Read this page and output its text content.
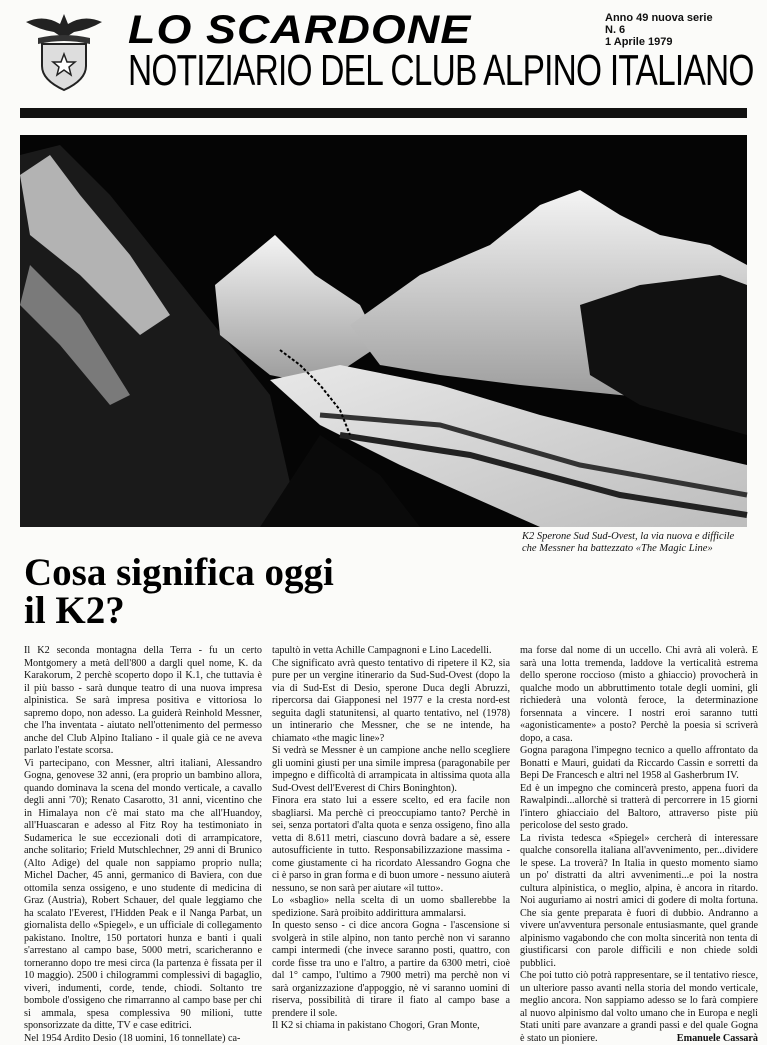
LO SCARDONE
NOTIZIARIO DEL CLUB ALPINO ITALIANO
Anno 49 nuova serie
N. 6
1 Aprile 1979
K2 Sperone Sud Sud-Ovest, la via nuova e difficile
che Messner ha battezzato «The Magic Line»
Cosa significa oggi
il K2?

Il K2 seconda montagna della Terra - fu un certo Montgomery a metà dell'800 a dargli quel nome, K. da Karakorum, 2 perchè scoperto dopo il K.1, che tuttavia è il più basso - sarà dunque teatro di una nuova impresa alpinistica. Se sarà impresa positiva e vittoriosa lo sapremo dopo, non adesso. La guiderà Reinhold Messner, che l'ha inventata - aiutato nell'ottenimento del permesso anche del Club Alpino Italiano - il quale già ce ne aveva parlato l'estate scorsa.

Vi partecipano, con Messner, altri italiani, Alessandro Gogna, genovese 32 anni, (era proprio un bambino allora, quando dominava la scena del mondo verticale, a cavallo degli anni '70); Renato Casarotto, 31 anni, vicentino che in Himalaya non c'è mai stato ma che all'Huandoy, all'Huascaran e adesso al Fitz Roy ha testimoniato in Sudamerica le sue eccezionali doti di arrampicatore, anche solitario; Frield Mutschlechner, 29 anni di Brunico (Alto Adige) del quale non sappiamo proprio nulla; Michel Dacher, 45 anni, germanico di Baviera, con due ottomila senza ossigeno, e uno studente di medicina di Graz (Austria), Robert Schauer, del quale leggiamo che ha scalato l'Everest, l'Hidden Peak e il Nanga Parbat, un giornalista dello «Spiegel», e un ufficiale di collegamento pakistano. Inoltre, 150 portatori hunza e banti i quali s'arrestano al campo base, 5000 metri, scaricheranno e torneranno dopo tre mesi circa (la partenza è fissata per il 10 maggio). 2500 i chilogrammi complessivi di bagaglio, viveri, indumenti, corde, tende, chiodi. Soltanto tre bombole d'ossigeno che rimarranno al campo base per chi si ammala, spesa complessiva 90 milioni, tutte sponsorizzate da ditte, TV e case editrici.

Nel 1954 Ardito Desio (18 uomini, 16 tonnellate) ca-

tapultò in vetta Achille Campagnoni e Lino Lacedelli.

Che significato avrà questo tentativo di ripetere il K2, sia pure per un vergine itinerario da Sud-Sud-Ovest (dopo la via di Sud-Est di Desio, sperone Duca degli Abruzzi, ripercorsa dai Giapponesi nel 1977 e la cresta nord-est seguita dagli statunitensi, al quarto tentativo, nel (1978) un intinerario che Messner, che se ne intende, ha chiamato «the magic line»?

Si vedrà se Messner è un campione anche nello scegliere gli uomini giusti per una simile impresa (paragonabile per impegno e difficoltà di arrampicata in altissima quota alla Sud-Ovest dell'Everest di Chirs Boninghton).

Finora era stato lui a essere scelto, ed era facile non sbagliarsi. Ma perchè ci preoccupiamo tanto? Perchè in sei, senza portatori d'alta quota e senza ossigeno, fino alla vetta di 8.611 metri, ciascuno dovrà badare a sè, essere autosufficiente in tutto. Responsabilizzazione massima - come giustamente ci ha ricordato Alessandro Gogna che ci è parso in gran forma e di buon umore - nessuno aiuterà nessuno, se non sarà per aiutare «il tutto».

Lo «sbaglio» nella scelta di un uomo sballerebbe la spedizione. Sarà proibito addirittura ammalarsi.

In questo senso - ci dice ancora Gogna - l'ascensione si svolgerà in stile alpino, non tanto perchè non vi saranno campi intermedi (che invece saranno posti, quattro, con corde fisse tra uno e l'altro, a partire da 6300 metri, cioè dal 1° campo, l'ultimo a 7900 metri) ma perchè non vi sarà organizzazione d'appoggio, nè vi saranno uomini di riserva, possibilità di tirare il fiato al campo base a prendere il sole.

Il K2 si chiama in pakistano Chogori, Gran Monte,

ma forse dal nome di un uccello. Chi avrà ali volerà. E sarà una lotta tremenda, laddove la verticalità estrema dello sperone roccioso (misto a ghiaccio) provocherà in qualche modo un abbruttimento totale degli uomini, gli richiederà una volontà feroce, la determinazione forsennata a vincere. I nostri eroi saranno tutti «agonisticamente» a posto? Perchè la poesia si scriverà dopo, a casa.

Gogna paragona l'impegno tecnico a quello affrontato da Bonatti e Mauri, guidati da Riccardo Cassin e sorretti da Bepi De Francesch e altri nel 1958 al Gasherbrum IV.

Ed è un impegno che comincerà presto, appena fuori da Rawalpindi...allorchè si tratterà di percorrere in 15 giorni l'intero ghiacciaio del Baltoro, attraverso piste più pericolose del sesto grado.

La rivista tedesca «Spiegel» cercherà di interessare qualche consorella italiana all'avvenimento, per...dividere le spese. La troverà? In Italia in questo momento siamo un po' distratti da altri avvenimenti...e poi la nostra cultura alpinistica, o meglio, alpina, è ancora in ritardo. Noi auguriamo ai nostri amici di godere di molta fortuna. Che sia gente preparata è fuori di dubbio. Andranno a vivere un'avventura personale entusiasmante, quel grande alpinismo vagabondo che con molta sincerità non tenta di giustificarsi con parole difficili e non chiede soldi pubblici.

Che poi tutto ciò potrà rappresentare, se il tentativo riesce, un ulteriore passo avanti nella storia del mondo verticale, meglio ancora. Non sappiamo adesso se lo farà compiere al nuovo alpinismo dal volto umano che in Europa e negli Stati uniti pare avanzare a grandi passi e del quale Gogna è stato un pioniere.	Emanuele Cassarà
